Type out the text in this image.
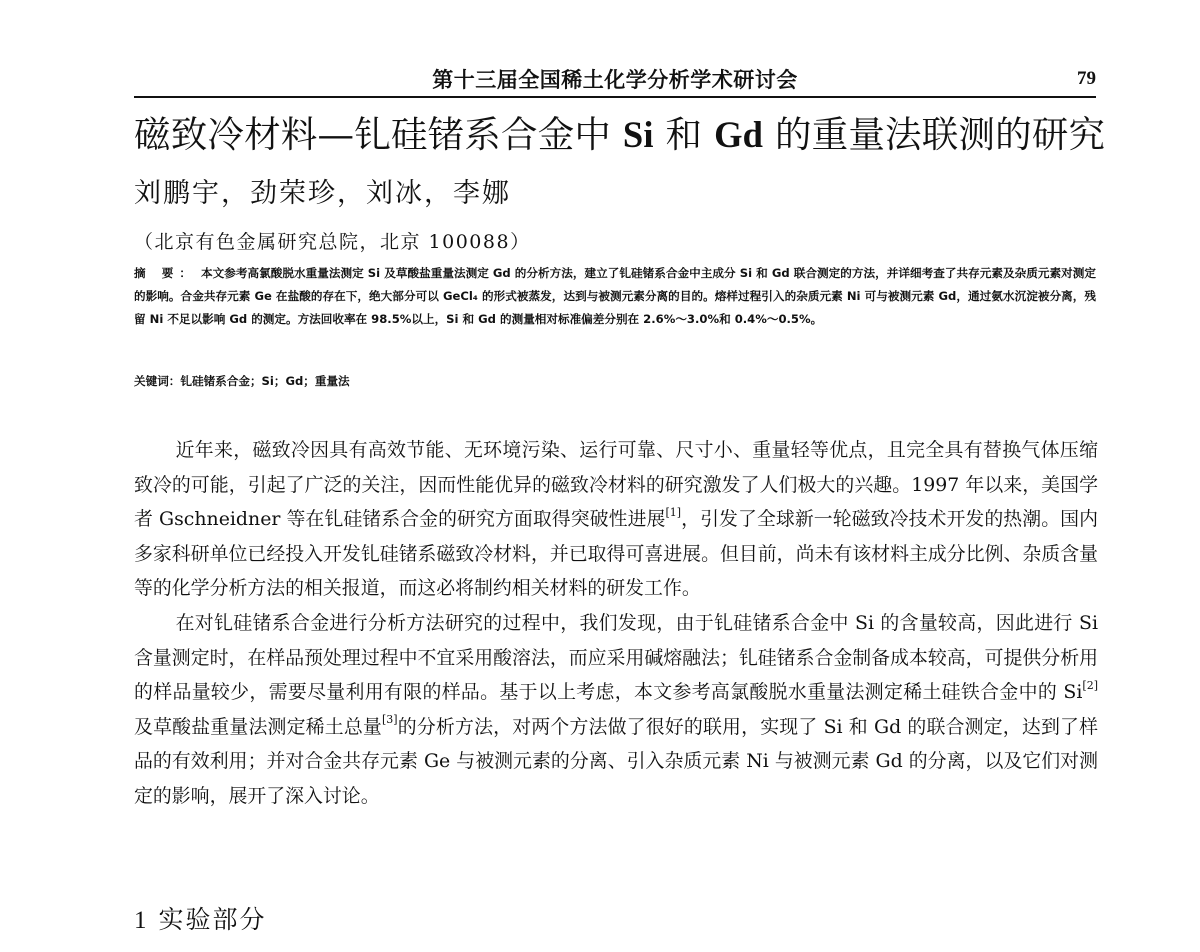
第十三届全国稀土化学分析学术研讨会	79
磁致冷材料—钆硅锗系合金中 Si 和 Gd 的重量法联测的研究
刘鹏宇，劲荣珍，刘冰，李娜
（北京有色金属研究总院，北京 100088）
摘 要： 本文参考高氯酸脱水重量法测定 Si 及草酸盐重量法测定 Gd 的分析方法，建立了钆硅锗系合金中主成分 Si 和 Gd 联合测定的方法，并详细考查了共存元素及杂质元素对测定的影响。合金共存元素 Ge 在盐酸的存在下，绝大部分可以 GeCl₄ 的形式被蒸发，达到与被测元素分离的目的。熔样过程引入的杂质元素 Ni 可与被测元素 Gd，通过氨水沉淀被分离，残留 Ni 不足以影响 Gd 的测定。方法回收率在 98.5%以上，Si 和 Gd 的测量相对标准偏差分别在 2.6%～3.0%和 0.4%～0.5%。
关键词：钆硅锗系合金；Si；Gd；重量法

近年来，磁致冷因具有高效节能、无环境污染、运行可靠、尺寸小、重量轻等优点，且完全具有替换气体压缩致冷的可能，引起了广泛的关注，因而性能优异的磁致冷材料的研究激发了人们极大的兴趣。1997 年以来，美国学者 Gschneidner 等在钆硅锗系合金的研究方面取得突破性进展[1]，引发了全球新一轮磁致冷技术开发的热潮。国内多家科研单位已经投入开发钆硅锗系磁致冷材料，并已取得可喜进展。但目前，尚未有该材料主成分比例、杂质含量等的化学分析方法的相关报道，而这必将制约相关材料的研发工作。

在对钆硅锗系合金进行分析方法研究的过程中，我们发现，由于钆硅锗系合金中 Si 的含量较高，因此进行 Si 含量测定时，在样品预处理过程中不宜采用酸溶法，而应采用碱熔融法；钆硅锗系合金制备成本较高，可提供分析用的样品量较少，需要尽量利用有限的样品。基于以上考虑，本文参考高氯酸脱水重量法测定稀土硅铁合金中的 Si[2]及草酸盐重量法测定稀土总量[3]的分析方法，对两个方法做了很好的联用，实现了 Si 和 Gd 的联合测定，达到了样品的有效利用；并对合金共存元素 Ge 与被测元素的分离、引入杂质元素 Ni 与被测元素 Gd 的分离，以及它们对测定的影响，展开了深入讨论。

1 实验部分
